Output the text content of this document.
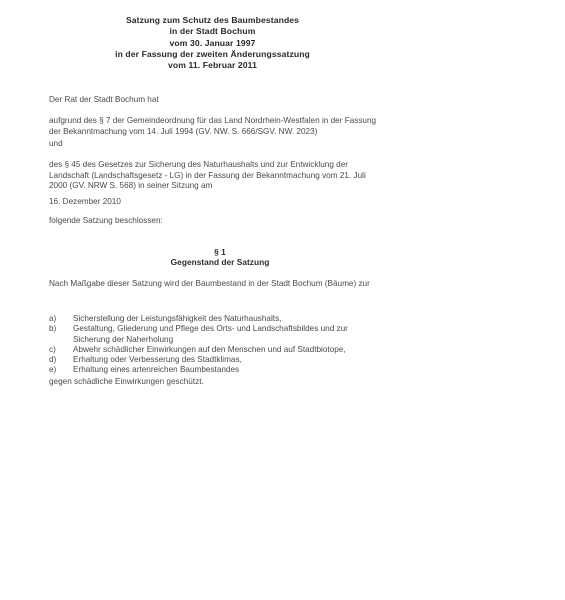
Satzung zum Schutz des Baumbestandes
in der Stadt Bochum
vom 30. Januar 1997
in der Fassung der zweiten Änderungssatzung
vom 11. Februar 2011
Der Rat der Stadt Bochum hat
aufgrund des § 7 der Gemeindeordnung für das Land Nordrhein-Westfalen in der Fassung der Bekanntmachung vom 14. Juli 1994 (GV. NW. S. 666/SGV. NW. 2023)
und
des § 45 des Gesetzes zur Sicherung des Naturhaushalts und zur Entwicklung der Landschaft (Landschaftsgesetz - LG) in der Fassung der Bekanntmachung vom 21. Juli 2000 (GV. NRW S. 568) in seiner Sitzung am
16. Dezember 2010
folgende Satzung beschlossen:
§ 1
Gegenstand der Satzung
Nach Maßgabe dieser Satzung wird der Baumbestand in der Stadt Bochum (Bäume) zur
a)	Sicherstellung der Leistungsfähigkeit des Naturhaushalts,
b)	Gestaltung, Gliederung und Pflege des Orts- und Landschaftsbildes und zur Sicherung der Naherholung
c)	Abwehr schädlicher Einwirkungen auf den Menschen und auf Stadtbiotope,
d)	Erhaltung oder Verbesserung des Stadtklimas,
e)	Erhaltung eines artenreichen Baumbestandes
gegen schädliche Einwirkungen geschützt.
